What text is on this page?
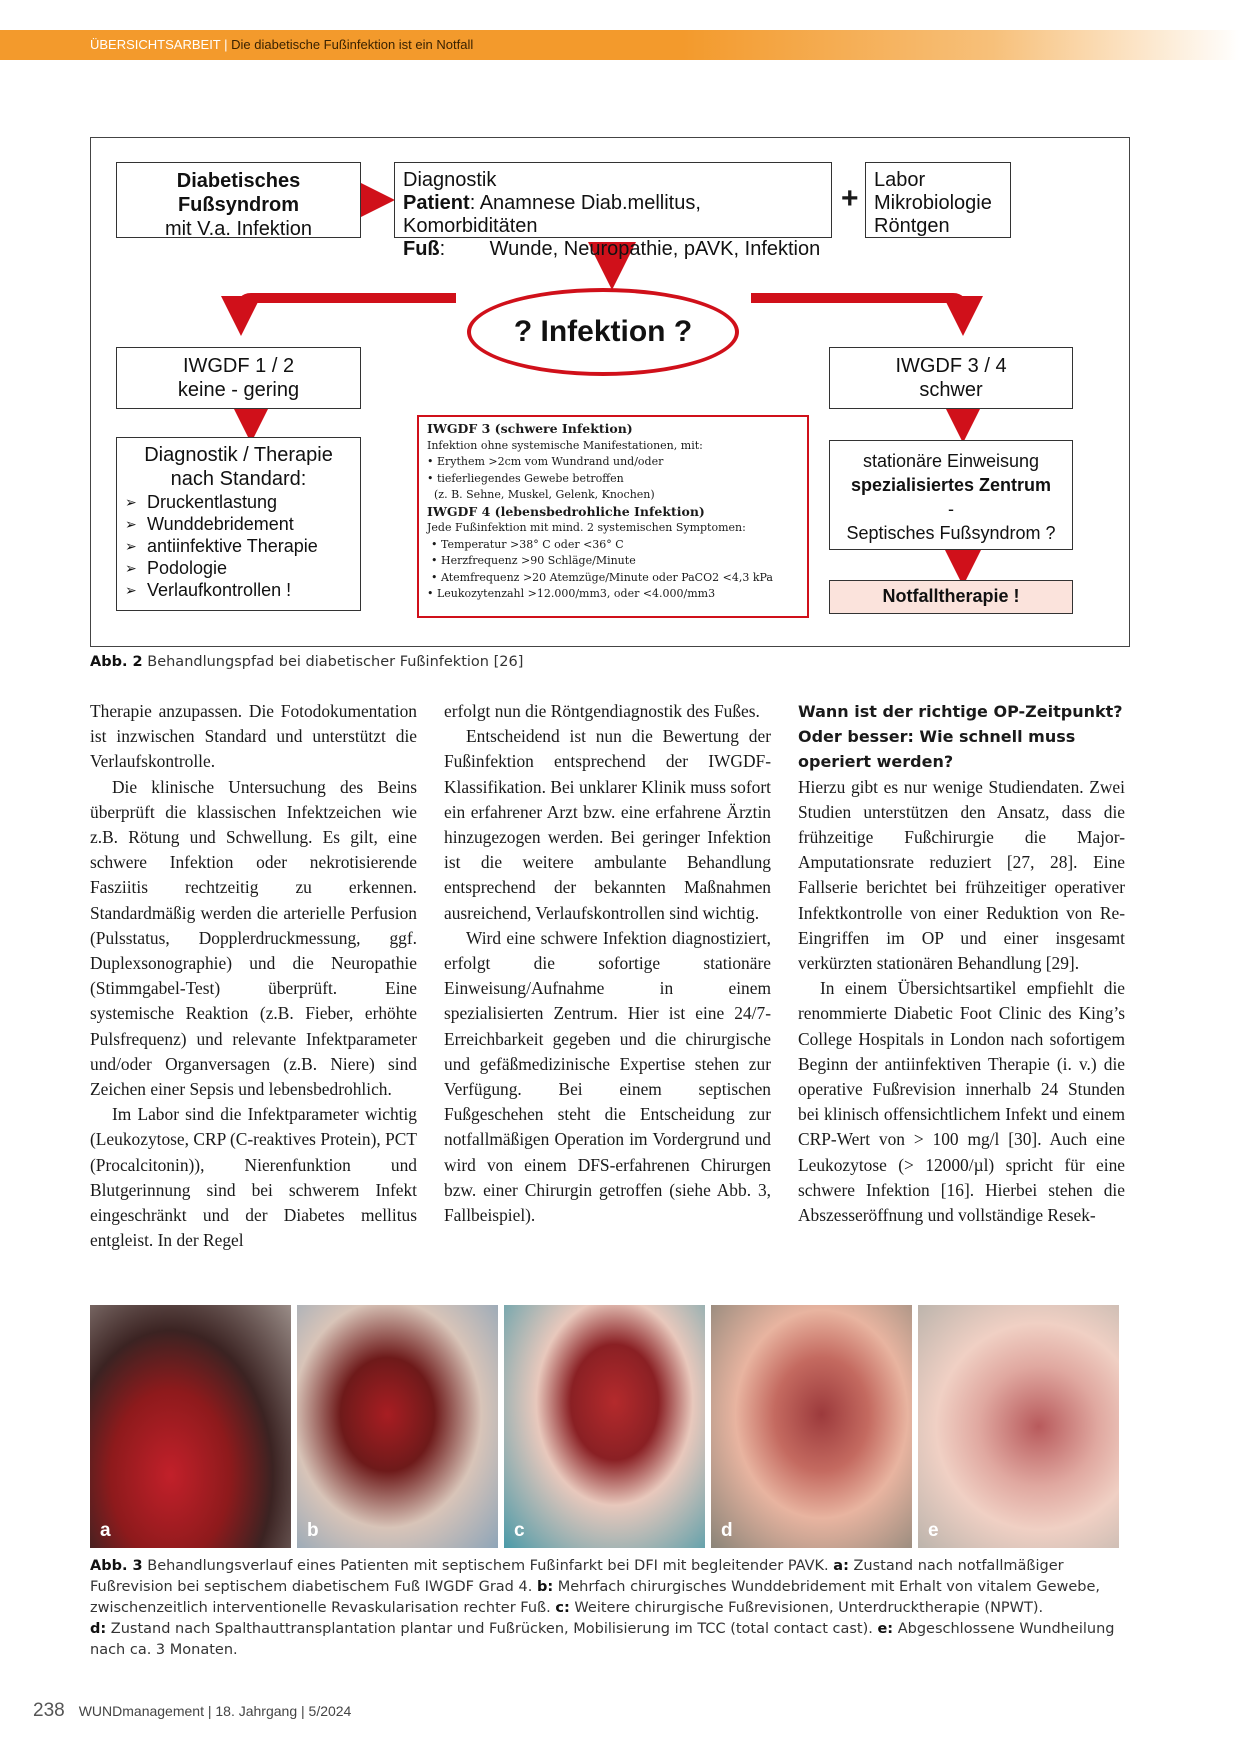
ÜBERSICHTSARBEIT | Die diabetische Fußinfektion ist ein Notfall
Diabetisches
Fußsyndrom
mit V.a. Infektion
Diagnostik
Patient: Anamnese Diab.mellitus, Komorbiditäten
Fuß:        Wunde, Neuropathie, pAVK, Infektion
+
Labor
Mikrobiologie
Röntgen
? Infektion ?
IWGDF 1 / 2
keine - gering
IWGDF 3 / 4
schwer
Diagnostik / Therapie
nach Standard:
➢ Druckentlastung
➢ Wunddebridement
➢ antiinfektive Therapie
➢ Podologie
➢ Verlaufkontrollen !
IWGDF 3 (schwere Infektion)
Infektion ohne systemische Manifestationen, mit:
• Erythem >2cm vom Wundrand und/oder
• tieferliegendes Gewebe betroffen
(z. B. Sehne, Muskel, Gelenk, Knochen)
IWGDF 4 (lebensbedrohliche Infektion)
Jede Fußinfektion mit mind. 2 systemischen Symptomen:
• Temperatur >38° C oder <36° C
• Herzfrequenz >90 Schläge/Minute
• Atemfrequenz >20 Atemzüge/Minute oder PaCO2 <4,3 kPa
• Leukozytenzahl >12.000/mm3, oder <4.000/mm3
stationäre Einweisung
spezialisiertes Zentrum
-
Septisches Fußsyndrom ?
Notfalltherapie !
Abb. 2 Behandlungspfad bei diabetischer Fußinfektion [26]

Therapie anzupassen. Die Fotodokumentation ist inzwischen Standard und unterstützt die Verlaufskontrolle.

Die klinische Untersuchung des Beins überprüft die klassischen Infektzeichen wie z.B. Rötung und Schwellung. Es gilt, eine schwere Infektion oder nekrotisierende Fasziitis rechtzeitig zu erkennen. Standardmäßig werden die arterielle Perfusion (Pulsstatus, Dopplerdruckmessung, ggf. Duplexsonographie) und die Neuropathie (Stimmgabel-Test) überprüft. Eine systemische Reaktion (z.B. Fieber, erhöhte Pulsfrequenz) und relevante Infektparameter und/oder Organversagen (z.B. Niere) sind Zeichen einer Sepsis und lebensbedrohlich.

Im Labor sind die Infektparameter wichtig (Leukozytose, CRP (C-reaktives Protein), PCT (Procalcitonin)), Nierenfunktion und Blutgerinnung sind bei schwerem Infekt eingeschränkt und der Diabetes mellitus entgleist. In der Regel

erfolgt nun die Röntgendiagnostik des Fußes.

Entscheidend ist nun die Bewertung der Fußinfektion entsprechend der IWGDF-Klassifikation. Bei unklarer Klinik muss sofort ein erfahrener Arzt bzw. eine erfahrene Ärztin hinzugezogen werden. Bei geringer Infektion ist die weitere ambulante Behandlung entsprechend der bekannten Maßnahmen ausreichend, Verlaufskontrollen sind wichtig.

Wird eine schwere Infektion diagnostiziert, erfolgt die sofortige stationäre Einweisung/Aufnahme in einem spezialisierten Zentrum. Hier ist eine 24/7-Erreichbarkeit gegeben und die chirurgische und gefäßmedizinische Expertise stehen zur Verfügung. Bei einem septischen Fußgeschehen steht die Entscheidung zur notfallmäßigen Operation im Vordergrund und wird von einem DFS-erfahrenen Chirurgen bzw. einer Chirurgin getroffen (siehe Abb. 3, Fallbeispiel).

Wann ist der richtige OP-Zeitpunkt? Oder besser: Wie schnell muss operiert werden?

Hierzu gibt es nur wenige Studiendaten. Zwei Studien unterstützen den Ansatz, dass die frühzeitige Fußchirurgie die Major-Amputationsrate reduziert [27, 28]. Eine Fallserie berichtet bei frühzeitiger operativer Infektkontrolle von einer Reduktion von Re-Eingriffen im OP und einer insgesamt verkürzten stationären Behandlung [29].

In einem Übersichtsartikel empfiehlt die renommierte Diabetic Foot Clinic des King’s College Hospitals in London nach sofortigem Beginn der antiinfektiven Therapie (i. v.) die operative Fußrevision innerhalb 24 Stunden bei klinisch offensichtlichem Infekt und einem CRP-Wert von > 100 mg/l [30]. Auch eine Leukozytose (> 12000/µl) spricht für eine schwere Infektion [16]. Hierbei stehen die Abszesseröffnung und vollständige Resek-

a	b	c	d	e
Abb. 3 Behandlungsverlauf eines Patienten mit septischem Fußinfarkt bei DFI mit begleitender PAVK. a: Zustand nach notfallmäßiger Fußrevision bei septischem diabetischem Fuß IWGDF Grad 4. b: Mehrfach chirurgisches Wunddebridement mit Erhalt von vitalem Gewebe, zwischenzeitlich interventionelle Revaskularisation rechter Fuß. c: Weitere chirurgische Fußrevisionen, Unterdrucktherapie (NPWT).
d: Zustand nach Spalthauttransplantation plantar und Fußrücken, Mobilisierung im TCC (total contact cast). e: Abgeschlossene Wundheilung nach ca. 3 Monaten.
238 WUNDmanagement | 18. Jahrgang | 5/2024
